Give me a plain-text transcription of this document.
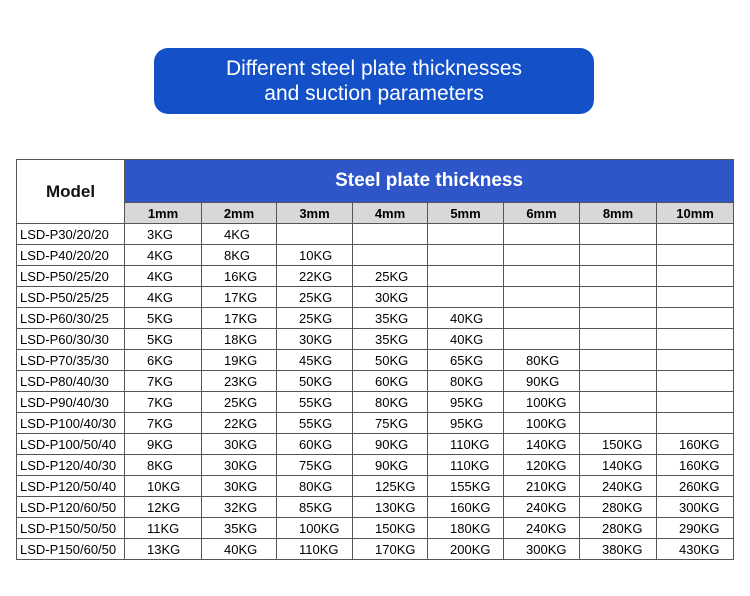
Different steel plate thicknesses
and suction parameters
Model	Steel plate thickness							
	1mm	2mm	3mm	4mm	5mm	6mm	8mm	10mm
LSD-P30/20/20	3KG	4KG						
LSD-P40/20/20	4KG	8KG	10KG					
LSD-P50/25/20	4KG	16KG	22KG	25KG				
LSD-P50/25/25	4KG	17KG	25KG	30KG				
LSD-P60/30/25	5KG	17KG	25KG	35KG	40KG			
LSD-P60/30/30	5KG	18KG	30KG	35KG	40KG			
LSD-P70/35/30	6KG	19KG	45KG	50KG	65KG	80KG		
LSD-P80/40/30	7KG	23KG	50KG	60KG	80KG	90KG		
LSD-P90/40/30	7KG	25KG	55KG	80KG	95KG	100KG		
LSD-P100/40/30	7KG	22KG	55KG	75KG	95KG	100KG		
LSD-P100/50/40	9KG	30KG	60KG	90KG	110KG	140KG	150KG	160KG
LSD-P120/40/30	8KG	30KG	75KG	90KG	110KG	120KG	140KG	160KG
LSD-P120/50/40	10KG	30KG	80KG	125KG	155KG	210KG	240KG	260KG
LSD-P120/60/50	12KG	32KG	85KG	130KG	160KG	240KG	280KG	300KG
LSD-P150/50/50	11KG	35KG	100KG	150KG	180KG	240KG	280KG	290KG
LSD-P150/60/50	13KG	40KG	110KG	170KG	200KG	300KG	380KG	430KG
